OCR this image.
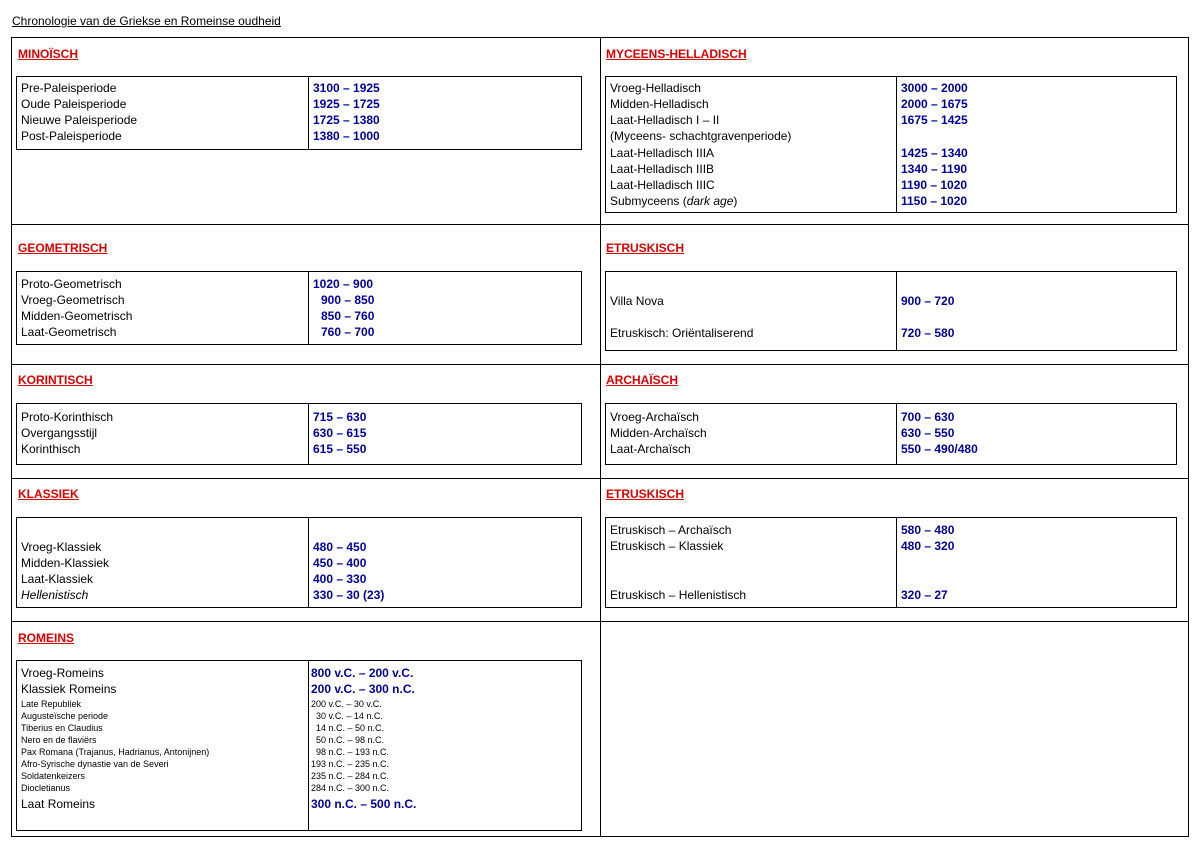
Chronologie van de Griekse en Romeinse oudheid
MINOÏSCH
Pre-Paleisperiode	3100 – 1925
Oude Paleisperiode	1925 – 1725
Nieuwe Paleisperiode	1725 – 1380
Post-Paleisperiode	1380 – 1000
MYCEENS-HELLADISCH
Vroeg-Helladisch	3000 – 2000
Midden-Helladisch	2000 – 1675
Laat-Helladisch I – II	1675 – 1425
(Myceens- schachtgravenperiode)
Laat-Helladisch IIIA	1425 – 1340
Laat-Helladisch IIIB	1340 – 1190
Laat-Helladisch IIIC	1190 – 1020
Submyceens (dark age)	1150 – 1020
GEOMETRISCH
Proto-Geometrisch	1020 – 900
Vroeg-Geometrisch	900 – 850
Midden-Geometrisch	850 – 760
Laat-Geometrisch	760 – 700
ETRUSKISCH
Villa Nova	900 – 720
Etruskisch: Oriëntaliserend	720 – 580
KORINTISCH
Proto-Korinthisch	715 – 630
Overgangsstijl	630 – 615
Korinthisch	615 – 550
ARCHAÏSCH
Vroeg-Archaïsch	700 – 630
Midden-Archaïsch	630 – 550
Laat-Archaïsch	550 – 490/480
KLASSIEK
Vroeg-Klassiek	480 – 450
Midden-Klassiek	450 – 400
Laat-Klassiek	400 – 330
Hellenistisch	330 – 30 (23)
ETRUSKISCH
Etruskisch – Archaïsch	580 – 480
Etruskisch – Klassiek	480 – 320
Etruskisch – Hellenistisch	320 – 27
ROMEINS
Vroeg-Romeins	800 v.C. – 200 v.C.
Klassiek Romeins	200 v.C. – 300 n.C.
Late Republiek	200 v.C. – 30 v.C.
Augusteïsche periode	30 v.C. – 14 n.C.
Tiberius en Claudius	14 n.C. – 50 n.C.
Nero en de flaviërs	50 n.C. – 98 n.C.
Pax Romana (Trajanus, Hadrianus, Antonijnen)	98 n.C. – 193 n.C.
Afro-Syrische dynastie van de Severi	193 n.C. – 235 n.C.
Soldatenkeizers	235 n.C. – 284 n.C.
Diocletianus	284 n.C. – 300 n.C.
Laat Romeins	300 n.C. – 500 n.C.
